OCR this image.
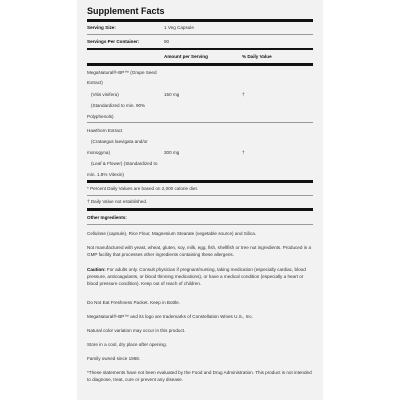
Supplement Facts
Serving Size:	1 Veg Capsule
Servings Per Container:	90
Amount per Serving	% Daily Value
MegaNatural®-BP™ (Grape Seed
Extract)
(Vitis vinifera)
(Standardized to min. 90%
Polyphenols)
150 mg	†
Hawthorn Extract
(Crataegus laevigata and/or
monogyna)
(Leaf & Flower) (Standardized to
min. 1.8% Vitexin)
300 mg	†
* Percent Daily Values are based on 2,000 calorie diet.
† Daily Value not established.
Other Ingredients:
Cellulose (capsule), Rice Flour, Magnesium Stearate (vegetable source) and Silica.
Not manufactured with yeast, wheat, gluten, soy, milk, egg, fish, shellfish or tree nut ingredients. Produced in a GMP facility that processes other ingredients containing these allergens.
Caution: For adults only. Consult physician if pregnant/nursing, taking medication (especially cardiac, blood pressure, anticoagulants, or blood thinning medications), or have a medical condition (especially a heart or blood pressure condition). Keep out of reach of children.
Do Not Eat Freshness Packet. Keep in Bottle.
MegaNatural®-BP™ and its logo are trademarks of Constellation Wines U.S., Inc.
Natural color variation may occur in this product.
Store in a cool, dry place after opening.
Family owned since 1968.
*These statements have not been evaluated by the Food and Drug Administration. This product is not intended to diagnose, treat, cure or prevent any disease.
